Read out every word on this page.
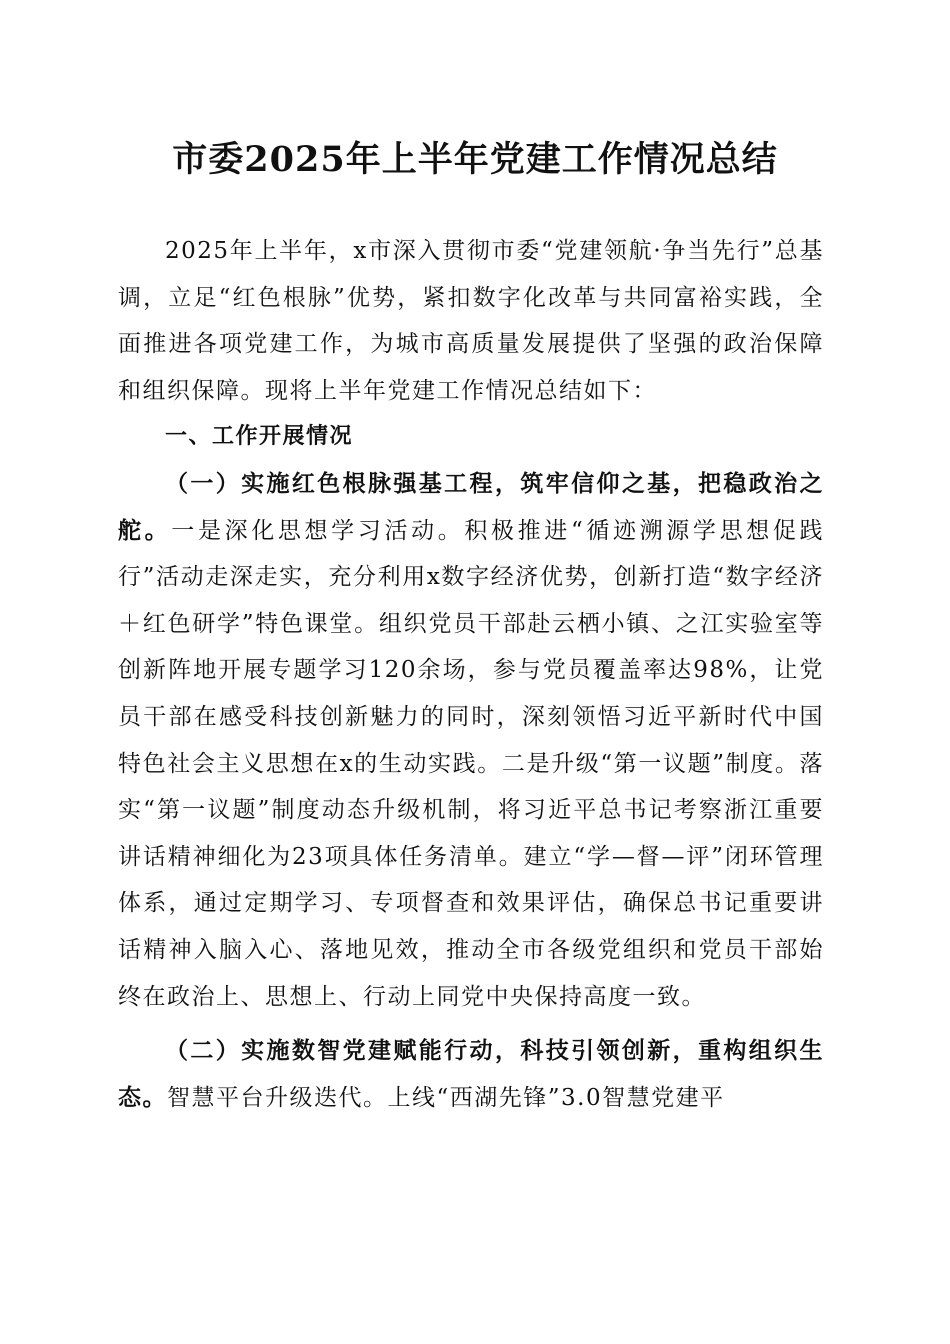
市委2025年上半年党建工作情况总结

2025年上半年，x市深入贯彻市委“党建领航·争当先行”总基调，立足“红色根脉”优势，紧扣数字化改革与共同富裕实践，全面推进各项党建工作，为城市高质量发展提供了坚强的政治保障和组织保障。现将上半年党建工作情况总结如下：

一、工作开展情况

（一）实施红色根脉强基工程，筑牢信仰之基，把稳政治之舵。一是深化思想学习活动。积极推进“循迹溯源学思想促践行”活动走深走实，充分利用x数字经济优势，创新打造“数字经济＋红色研学”特色课堂。组织党员干部赴云栖小镇、之江实验室等创新阵地开展专题学习120余场，参与党员覆盖率达98%，让党员干部在感受科技创新魅力的同时，深刻领悟习近平新时代中国特色社会主义思想在x的生动实践。二是升级“第一议题”制度。落实“第一议题”制度动态升级机制，将习近平总书记考察浙江重要讲话精神细化为23项具体任务清单。建立“学—督—评”闭环管理体系，通过定期学习、专项督查和效果评估，确保总书记重要讲话精神入脑入心、落地见效，推动全市各级党组织和党员干部始终在政治上、思想上、行动上同党中央保持高度一致。

（二）实施数智党建赋能行动，科技引领创新，重构组织生态。智慧平台升级迭代。上线“西湖先锋”3.0智慧党建平
